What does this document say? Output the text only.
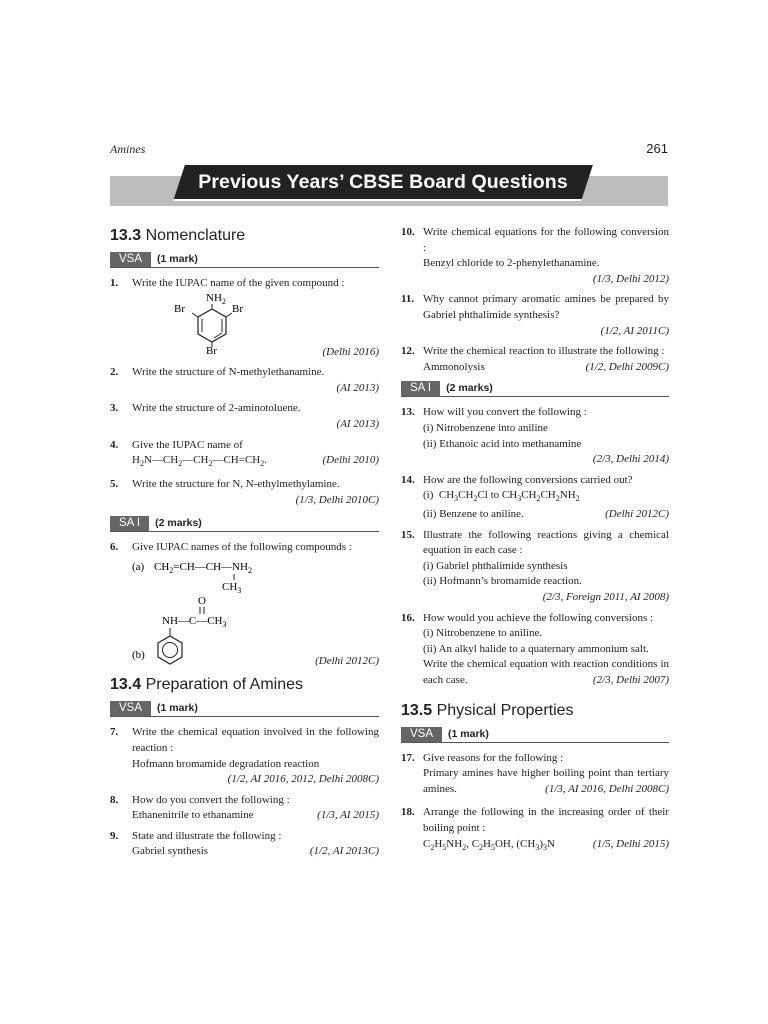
Amines	261
Previous Years’ CBSE Board Questions
13.3 Nomenclature
VSA (1 mark)
1. Write the IUPAC name of the given compound :
$NH_2$
Br	Br
Br	(Delhi 2016)
2. Write the structure of N-methylethanamine.
(AI 2013)
3. Write the structure of 2-aminotoluene.
(AI 2013)
4. Give the IUPAC name of
$H_2N—CH_2—CH_2—CH=CH_2$.	(Delhi 2010)
5. Write the structure for N, N-ethylmethylamine.
(1/3, Delhi 2010C)
SA I (2 marks)
6. Give IUPAC names of the following compounds :
(a) $CH_2=CH—CH—NH_2$
$CH_3$
O
$NH—C—CH_3$
(b)	(Delhi 2012C)
13.4 Preparation of Amines
VSA (1 mark)
7. Write the chemical equation involved in the following reaction :
Hofmann bromamide degradation reaction
(1/2, AI 2016, 2012, Delhi 2008C)
8. How do you convert the following :
Ethanenitrile to ethanamine	(1/3, AI 2015)
9. State and illustrate the following :
Gabriel synthesis	(1/2, AI 2013C)
10. Write chemical equations for the following conversion :
Benzyl chloride to 2-phenylethanamine.
(1/3, Delhi 2012)
11. Why cannot primary aromatic amines be prepared by Gabriel phthalimide synthesis?
(1/2, AI 2011C)
12. Write the chemical reaction to illustrate the following :
Ammonolysis	(1/2, Delhi 2009C)
SA I (2 marks)
13. How will you convert the following :
(i) Nitrobenzene into aniline
(ii) Ethanoic acid into methanamine
(2/3, Delhi 2014)
14. How are the following conversions carried out?
(i)  $CH_3CH_2Cl$ to $CH_3CH_2CH_2NH_2$
(ii) Benzene to aniline.	(Delhi 2012C)
15. Illustrate the following reactions giving a chemical equation in each case :
(i) Gabriel phthalimide synthesis
(ii) Hofmann’s bromamide reaction.
(2/3, Foreign 2011, AI 2008)
16. How would you achieve the following conversions :
(i) Nitrobenzene to aniline.
(ii) An alkyl halide to a quaternary ammonium salt.
Write the chemical equation with reaction conditions in each case.	(2/3, Delhi 2007)
13.5 Physical Properties
VSA (1 mark)
17. Give reasons for the following :
Primary amines have higher boiling point than tertiary amines.	(1/3, AI 2016, Delhi 2008C)
18. Arrange the following in the increasing order of their boiling point :
$C_2H_5NH_2$, $C_2H_5OH$, $(CH_3)_3N$	(1/5, Delhi 2015)
